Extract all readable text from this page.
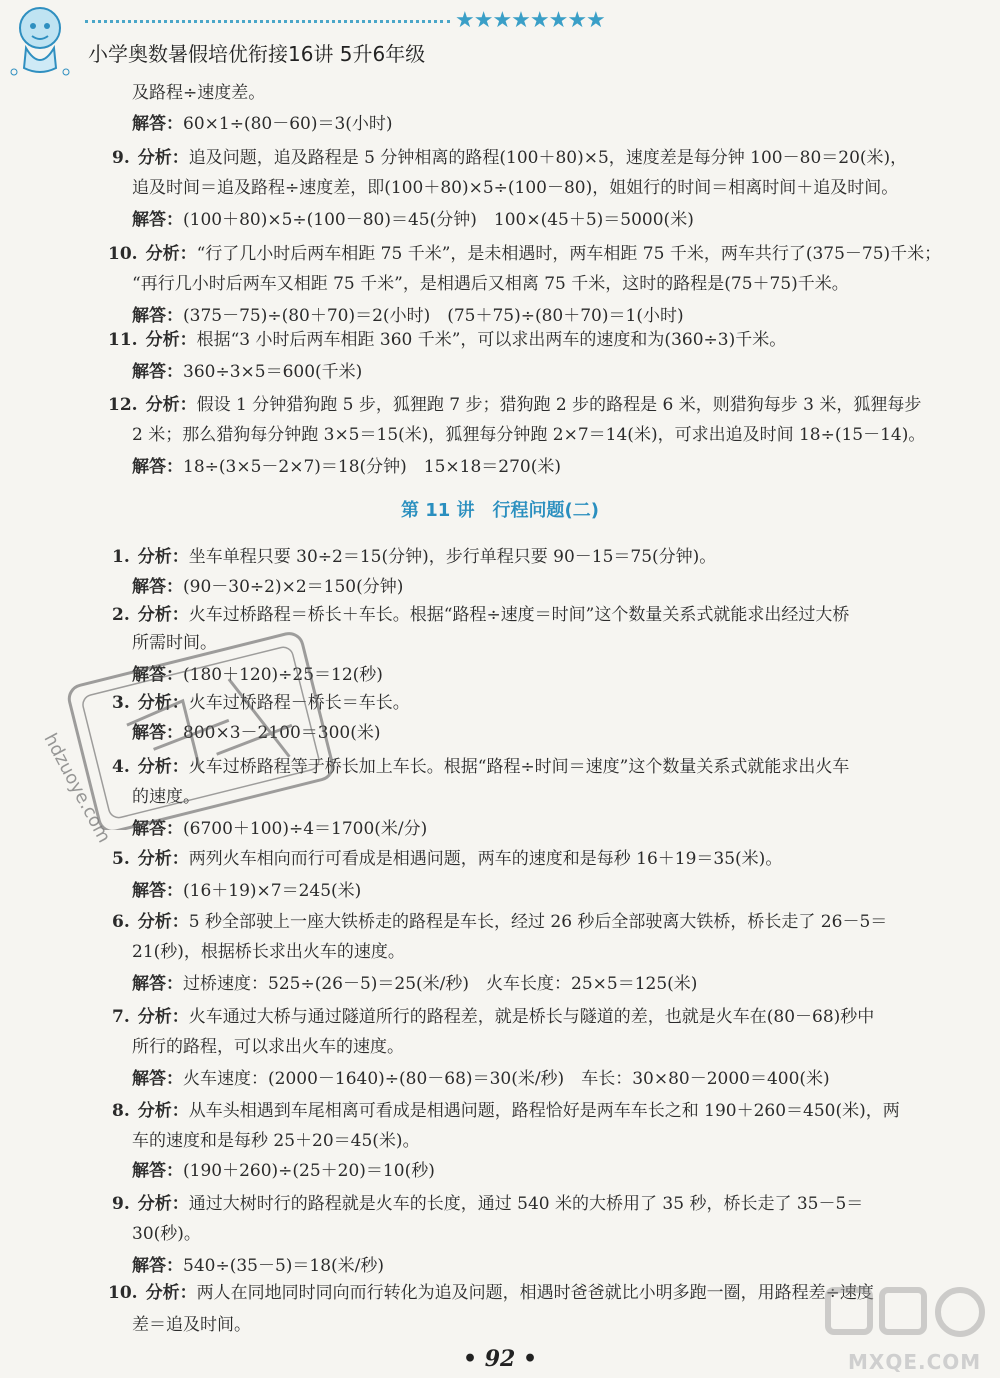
★★★★★★★★
小学奥数暑假培优衔接16讲 5升6年级
及路程÷速度差。
解答：60×1÷(80－60)＝3(小时)
9. 分析：追及问题，追及路程是 5 分钟相离的路程(100＋80)×5，速度差是每分钟 100－80＝20(米)，
追及时间＝追及路程÷速度差，即(100＋80)×5÷(100－80)，姐姐行的时间＝相离时间＋追及时间。
解答：(100＋80)×5÷(100－80)＝45(分钟)　100×(45＋5)＝5000(米)
10. 分析：“行了几小时后两车相距 75 千米”，是未相遇时，两车相距 75 千米，两车共行了(375－75)千米；
“再行几小时后两车又相距 75 千米”，是相遇后又相离 75 千米，这时的路程是(75＋75)千米。
解答：(375－75)÷(80＋70)＝2(小时)　(75＋75)÷(80＋70)＝1(小时)
11. 分析：根据“3 小时后两车相距 360 千米”，可以求出两车的速度和为(360÷3)千米。
解答：360÷3×5＝600(千米)
12. 分析：假设 1 分钟猎狗跑 5 步，狐狸跑 7 步；猎狗跑 2 步的路程是 6 米，则猎狗每步 3 米，狐狸每步
2 米；那么猎狗每分钟跑 3×5＝15(米)，狐狸每分钟跑 2×7＝14(米)，可求出追及时间 18÷(15－14)。
解答：18÷(3×5－2×7)＝18(分钟)　15×18＝270(米)
1. 分析：坐车单程只要 30÷2＝15(分钟)，步行单程只要 90－15＝75(分钟)。
解答：(90－30÷2)×2＝150(分钟)
2. 分析：火车过桥路程＝桥长＋车长。根据“路程÷速度＝时间”这个数量关系式就能求出经过大桥
所需时间。
解答：(180＋120)÷25＝12(秒)
3. 分析：火车过桥路程－桥长＝车长。
解答：800×3－2100＝300(米)
4. 分析：火车过桥路程等于桥长加上车长。根据“路程÷时间＝速度”这个数量关系式就能求出火车
的速度。
解答：(6700＋100)÷4＝1700(米/分)
5. 分析：两列火车相向而行可看成是相遇问题，两车的速度和是每秒 16＋19＝35(米)。
解答：(16＋19)×7＝245(米)
6. 分析：5 秒全部驶上一座大铁桥走的路程是车长，经过 26 秒后全部驶离大铁桥，桥长走了 26－5＝
21(秒)，根据桥长求出火车的速度。
解答：过桥速度：525÷(26－5)＝25(米/秒)　火车长度：25×5＝125(米)
7. 分析：火车通过大桥与通过隧道所行的路程差，就是桥长与隧道的差，也就是火车在(80－68)秒中
所行的路程，可以求出火车的速度。
解答：火车速度：(2000－1640)÷(80－68)＝30(米/秒)　车长：30×80－2000＝400(米)
8. 分析：从车头相遇到车尾相离可看成是相遇问题，路程恰好是两车车长之和 190＋260＝450(米)，两
车的速度和是每秒 25＋20＝45(米)。
解答：(190＋260)÷(25＋20)＝10(秒)
9. 分析：通过大树时行的路程就是火车的长度，通过 540 米的大桥用了 35 秒，桥长走了 35－5＝
30(秒)。
解答：540÷(35－5)＝18(米/秒)
10. 分析：两人在同地同时同向而行转化为追及问题，相遇时爸爸就比小明多跑一圈，用路程差÷速度
差＝追及时间。
第 11 讲　行程问题(二)
hdzuoye.com
• 92 •	MXQE.COM
